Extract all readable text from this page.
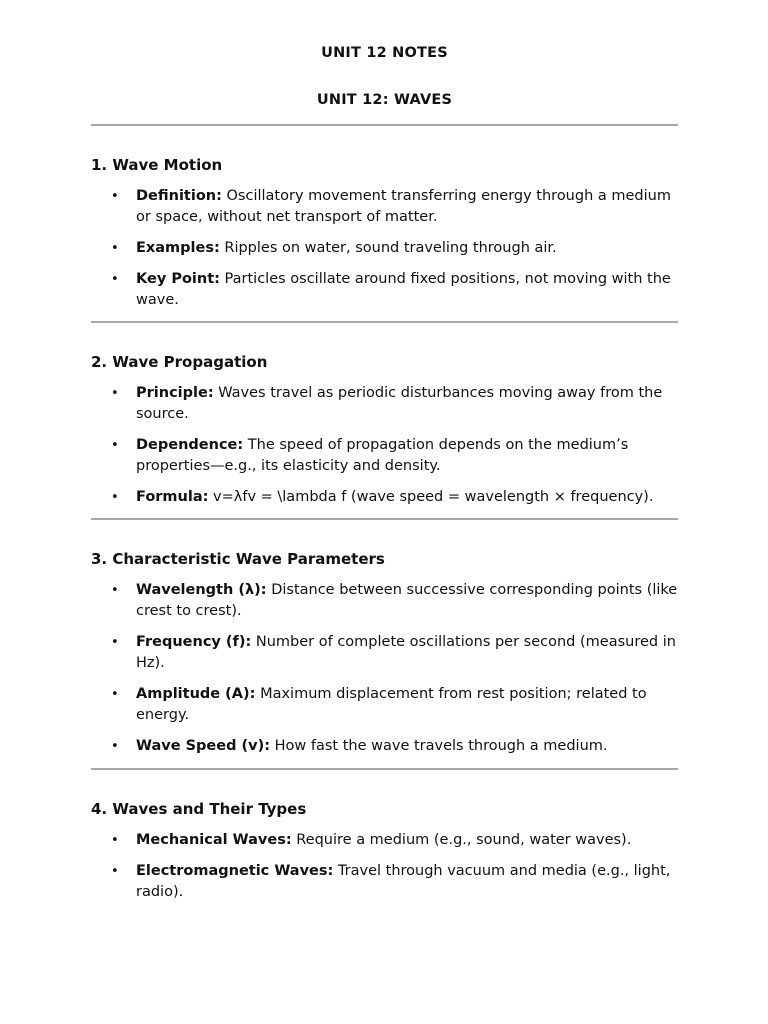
UNIT 12 NOTES
UNIT 12: WAVES
1. Wave Motion
• Definition: Oscillatory movement transferring energy through a medium or space, without net transport of matter.
• Examples: Ripples on water, sound traveling through air.
• Key Point: Particles oscillate around fixed positions, not moving with the wave.
2. Wave Propagation
• Principle: Waves travel as periodic disturbances moving away from the source.
• Dependence: The speed of propagation depends on the medium’s properties—e.g., its elasticity and density.
• Formula: v=λfv = \lambda f (wave speed = wavelength × frequency).
3. Characteristic Wave Parameters
• Wavelength (λ): Distance between successive corresponding points (like crest to crest).
• Frequency (f): Number of complete oscillations per second (measured in Hz).
• Amplitude (A): Maximum displacement from rest position; related to energy.
• Wave Speed (v): How fast the wave travels through a medium.
4. Waves and Their Types
• Mechanical Waves: Require a medium (e.g., sound, water waves).
• Electromagnetic Waves: Travel through vacuum and media (e.g., light, radio).
